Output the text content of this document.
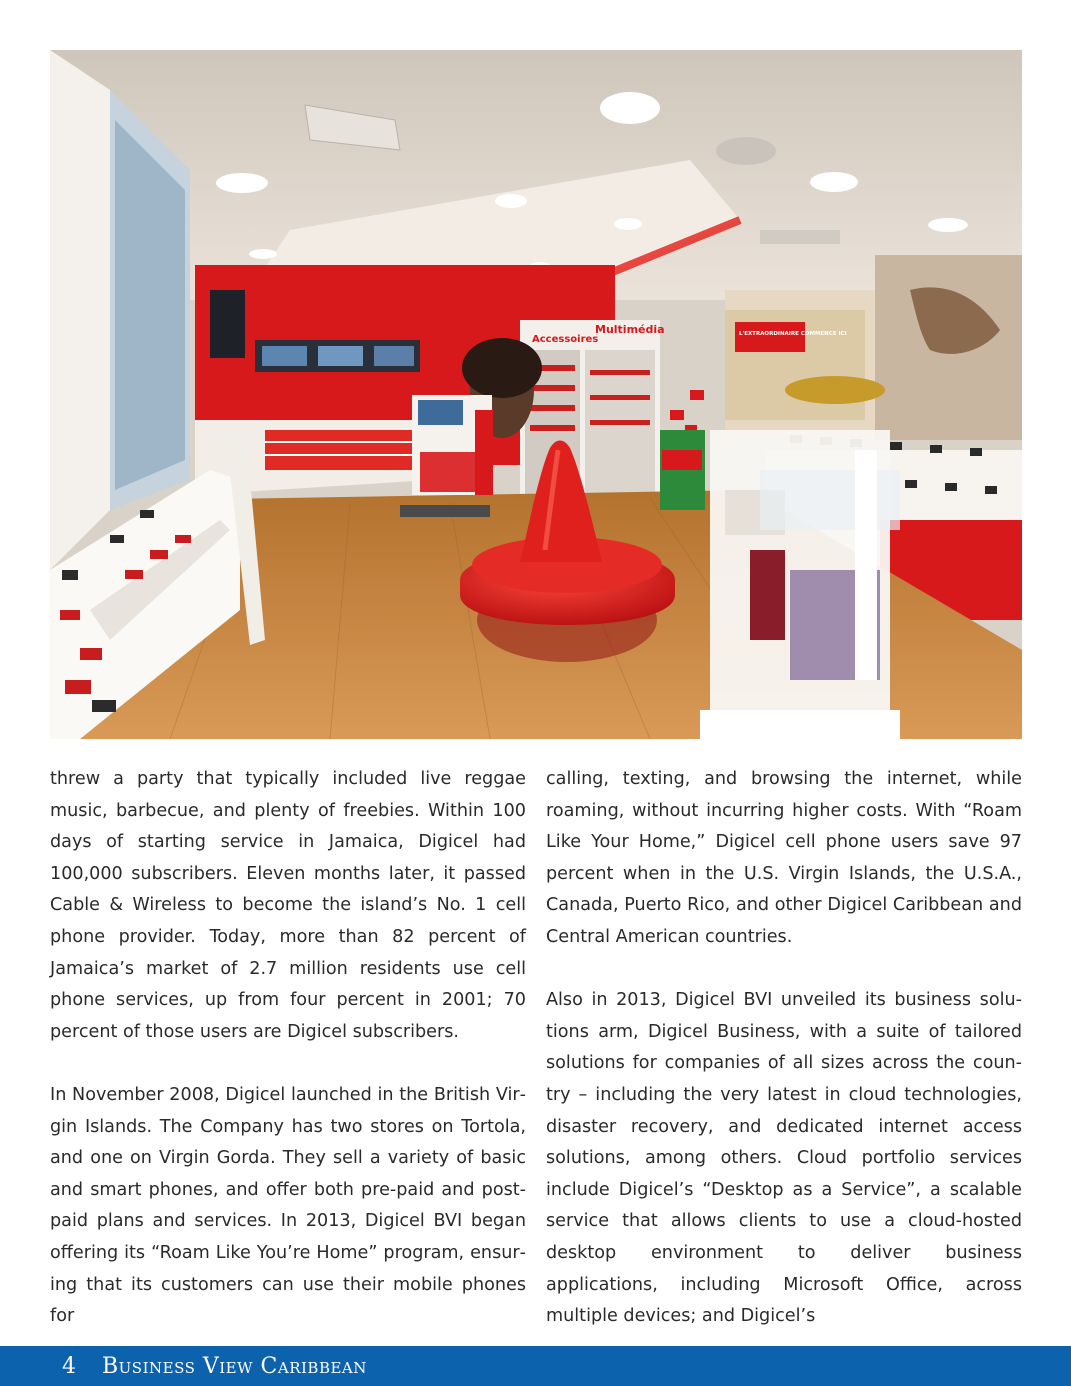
Accessoires
Multimédia	L'EXTRAORDINAIRE COMMENCE ICI

threw a party that typically included live reggae music, barbecue, and plenty of freebies. Within 100 days of starting service in Jamaica, Digicel had 100,000 subscribers. Eleven months later, it passed Cable & Wireless to become the island’s No. 1 cell phone provider. Today, more than 82 percent of Jamaica’s market of 2.7 million residents use cell phone services, up from four percent in 2001; 70 percent of those users are Digicel subscribers.

In November 2008, Digicel launched in the British Virgin Islands. The Company has two stores on Tortola, and one on Virgin Gorda. They sell a variety of basic and smart phones, and offer both pre-paid and post-paid plans and services. In 2013, Digicel BVI began offering its “Roam Like You’re Home” program, ensuring that its customers can use their mobile phones for

calling, texting, and browsing the internet, while roaming, without incurring higher costs. With “Roam Like Your Home,” Digicel cell phone users save 97 percent when in the U.S. Virgin Islands, the U.S.A., Canada, Puerto Rico, and other Digicel Caribbean and Central American countries.

Also in 2013, Digicel BVI unveiled its business solutions arm, Digicel Business, with a suite of tailored solutions for companies of all sizes across the country – including the very latest in cloud technologies, disaster recovery, and dedicated internet access solutions, among others. Cloud portfolio services include Digicel’s “Desktop as a Service”, a scalable service that allows clients to use a cloud-hosted desktop environment to deliver business applications, including Microsoft Office, across multiple devices; and Digicel’s

4 Business View Caribbean
